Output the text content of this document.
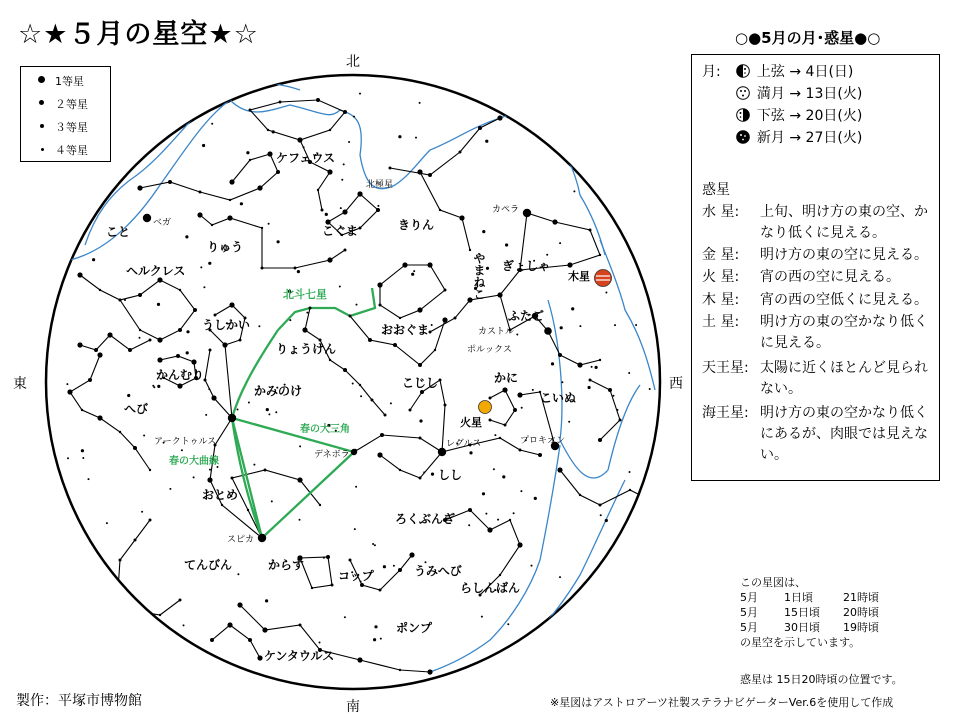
☆★５月の星空★☆
北
南
東	西
ケフェウス
北極星
こぐま	きりん
カペラ
こと
ベガ
りゅう
ヘルクレス	ぎょしゃ
木星
やまねこ
北斗七星
うしかい	おおぐま
ふたご
カストル
ポルックス
りょうけん
かんむり
かみのけ
こじし	かに
こいぬ
火星
へび
アークトゥルス
春の大三角
春の大曲線
デネボラ
レグルス	プロキオン
しし
おとめ
ろくぶんぎ
スピカ
てんびん	からす
コップ	うみへび
らしんばん
ポンプ
ケンタウルス
1等星
２等星
３等星
４等星
○●5月の月･惑星●○
月:	上弦 → 4日(日)
満月 → 13日(火)
下弦 → 20日(火)
新月 → 27日(火)
惑星
水 星:	上旬、明け方の東の空、かなり低くに見える。
金 星:	明け方の東の空に見える。
火 星:	宵の西の空に見える。
木 星:	宵の西の空低くに見える。
土 星:	明け方の東の空かなり低くに見える。
天王星: 太陽に近くほとんど見られない。
海王星: 明け方の東の空かなり低くにあるが、肉眼では見えない。
この星図は、
5月 1日頃	21時頃
5月 15日頃 20時頃
5月 30日頃 19時頃
の星空を示しています。
惑星は 15日20時頃の位置です。
製作：平塚市博物館	※星図はアストロアーツ社製ステラナビゲーターVer.6を使用して作成
